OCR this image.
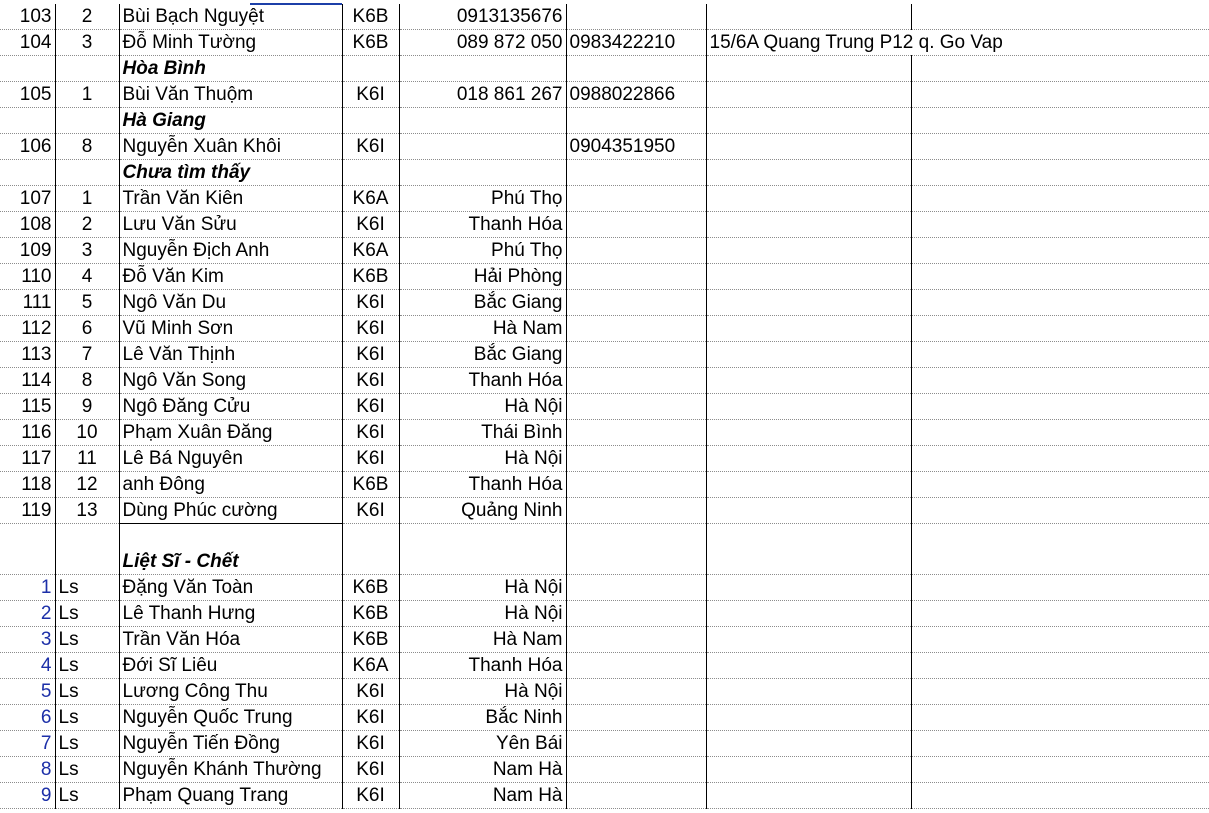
103	2	Bùi Bạch Nguyệt	K6B	0913135676			
104	3	Đỗ Minh Tường	K6B	089 872 050	0983422210	15/6A Quang Trung P12 q. Go Vap	
		Hòa Bình					
105	1	Bùi Văn Thuộm	K6I	018 861 267	0988022866		
		Hà Giang					
106	8	Nguyễn Xuân Khôi	K6I		0904351950		
		Chưa tìm thấy					
107	1	Trần Văn Kiên	K6A	Phú Thọ			
108	2	Lưu Văn Sửu	K6I	Thanh Hóa			
109	3	Nguyễn Địch Anh	K6A	Phú Thọ			
110	4	Đỗ Văn Kim	K6B	Hải Phòng			
111	5	Ngô Văn Du	K6I	Bắc Giang			
112	6	Vũ Minh Sơn	K6I	Hà Nam			
113	7	Lê Văn Thịnh	K6I	Bắc Giang			
114	8	Ngô Văn Song	K6I	Thanh Hóa			
115	9	Ngô Đăng Cửu	K6I	Hà Nội			
116	10	Phạm Xuân Đăng	K6I	Thái Bình			
117	11	Lê Bá Nguyên	K6I	Hà Nội			
118	12	anh Đông	K6B	Thanh Hóa			
119	13	Dùng Phúc cường	K6I	Quảng Ninh			

		Liệt Sĩ - Chết					
1	Ls	Đặng Văn Toàn	K6B	Hà Nội			
2	Ls	Lê Thanh Hưng	K6B	Hà Nội			
3	Ls	Trần Văn Hóa	K6B	Hà Nam			
4	Ls	Đới Sĩ Liêu	K6A	Thanh Hóa			
5	Ls	Lương Công Thu	K6I	Hà Nội			
6	Ls	Nguyễn Quốc Trung	K6I	Bắc Ninh			
7	Ls	Nguyễn Tiến Đồng	K6I	Yên Bái			
8	Ls	Nguyễn Khánh Thường	K6I	Nam Hà			
9	Ls	Phạm Quang Trang	K6I	Nam Hà			
